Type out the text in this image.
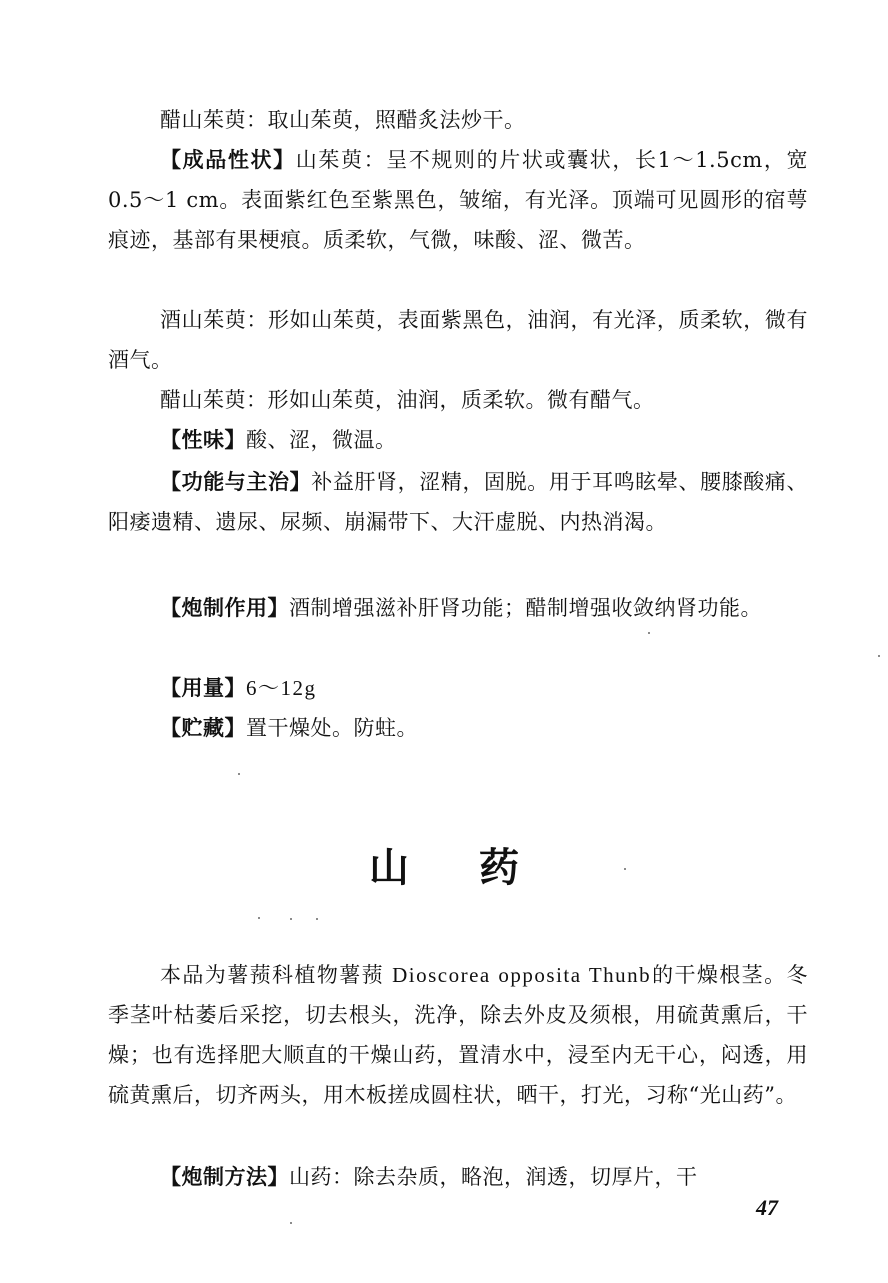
醋山茱萸：取山茱萸，照醋炙法炒干。

【成品性状】山茱萸：呈不规则的片状或囊状，长1～1.5cm，宽0.5～1 cm。表面紫红色至紫黑色，皱缩，有光泽。顶端可见圆形的宿萼痕迹，基部有果梗痕。质柔软，气微，味酸、涩、微苦。

酒山茱萸：形如山茱萸，表面紫黑色，油润，有光泽，质柔软，微有酒气。

醋山茱萸：形如山茱萸，油润，质柔软。微有醋气。

【性味】酸、涩，微温。

【功能与主治】补益肝肾，涩精，固脱。用于耳鸣眩晕、腰膝酸痛、阳痿遗精、遗尿、尿频、崩漏带下、大汗虚脱、内热消渴。

【炮制作用】酒制增强滋补肝肾功能；醋制增强收敛纳肾功能。

【用量】6～12g

【贮藏】置干燥处。防蛀。

山药

本品为薯蓣科植物薯蓣 Dioscorea opposita Thunb的干燥根茎。冬季茎叶枯萎后采挖，切去根头，洗净，除去外皮及须根，用硫黄熏后，干燥；也有选择肥大顺直的干燥山药，置清水中，浸至内无干心，闷透，用硫黄熏后，切齐两头，用木板搓成圆柱状，晒干，打光，习称“光山药”。

【炮制方法】山药：除去杂质，略泡，润透，切厚片，干

47
